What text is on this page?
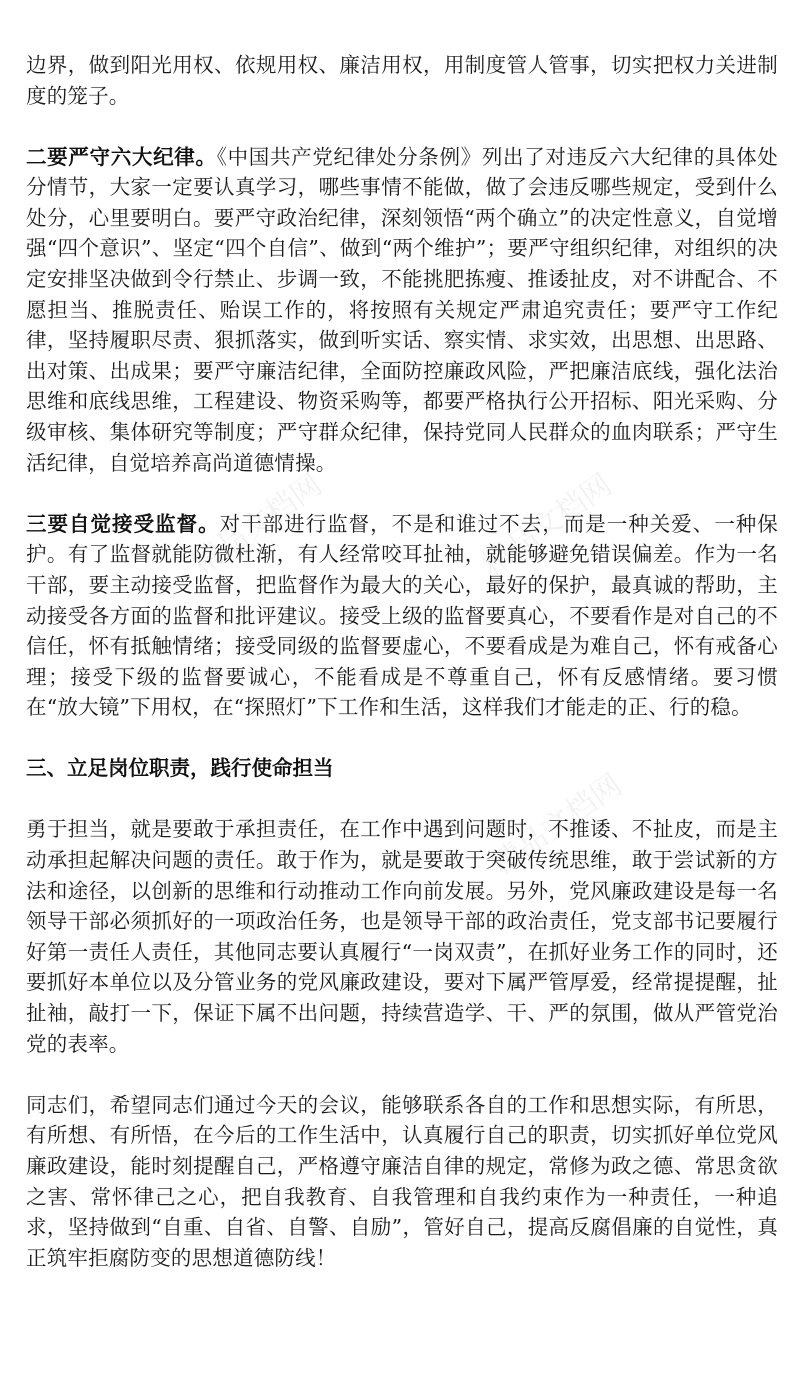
精品文档网	精品文档网
精品文档网

边界，做到阳光用权、依规用权、廉洁用权，用制度管人管事，切实把权力关进制度的笼子。

二要严守六大纪律。《中国共产党纪律处分条例》列出了对违反六大纪律的具体处分情节，大家一定要认真学习，哪些事情不能做，做了会违反哪些规定，受到什么处分，心里要明白。要严守政治纪律，深刻领悟“两个确立”的决定性意义，自觉增强“四个意识”、坚定“四个自信”、做到“两个维护”；要严守组织纪律，对组织的决定安排坚决做到令行禁止、步调一致，不能挑肥拣瘦、推诿扯皮，对不讲配合、不愿担当、推脱责任、贻误工作的，将按照有关规定严肃追究责任；要严守工作纪律，坚持履职尽责、狠抓落实，做到听实话、察实情、求实效，出思想、出思路、出对策、出成果；要严守廉洁纪律，全面防控廉政风险，严把廉洁底线，强化法治思维和底线思维，工程建设、物资采购等，都要严格执行公开招标、阳光采购、分级审核、集体研究等制度；严守群众纪律，保持党同人民群众的血肉联系；严守生活纪律，自觉培养高尚道德情操。

三要自觉接受监督。对干部进行监督，不是和谁过不去，而是一种关爱、一种保护。有了监督就能防微杜渐，有人经常咬耳扯袖，就能够避免错误偏差。作为一名干部，要主动接受监督，把监督作为最大的关心，最好的保护，最真诚的帮助，主动接受各方面的监督和批评建议。接受上级的监督要真心，不要看作是对自己的不信任，怀有抵触情绪；接受同级的监督要虚心，不要看成是为难自己，怀有戒备心理；接受下级的监督要诚心，不能看成是不尊重自己，怀有反感情绪。要习惯在“放大镜”下用权，在“探照灯”下工作和生活，这样我们才能走的正、行的稳。

三、立足岗位职责，践行使命担当

勇于担当，就是要敢于承担责任，在工作中遇到问题时，不推诿、不扯皮，而是主动承担起解决问题的责任。敢于作为，就是要敢于突破传统思维，敢于尝试新的方法和途径，以创新的思维和行动推动工作向前发展。另外，党风廉政建设是每一名领导干部必须抓好的一项政治任务，也是领导干部的政治责任，党支部书记要履行好第一责任人责任，其他同志要认真履行“一岗双责”，在抓好业务工作的同时，还要抓好本单位以及分管业务的党风廉政建设，要对下属严管厚爱，经常提提醒，扯扯袖，敲打一下，保证下属不出问题，持续营造学、干、严的氛围，做从严管党治党的表率。

同志们，希望同志们通过今天的会议，能够联系各自的工作和思想实际，有所思，有所想、有所悟，在今后的工作生活中，认真履行自己的职责，切实抓好单位党风廉政建设，能时刻提醒自己，严格遵守廉洁自律的规定，常修为政之德、常思贪欲之害、常怀律己之心，把自我教育、自我管理和自我约束作为一种责任，一种追求，坚持做到“自重、自省、自警、自励”，管好自己，提高反腐倡廉的自觉性，真正筑牢拒腐防变的思想道德防线！
